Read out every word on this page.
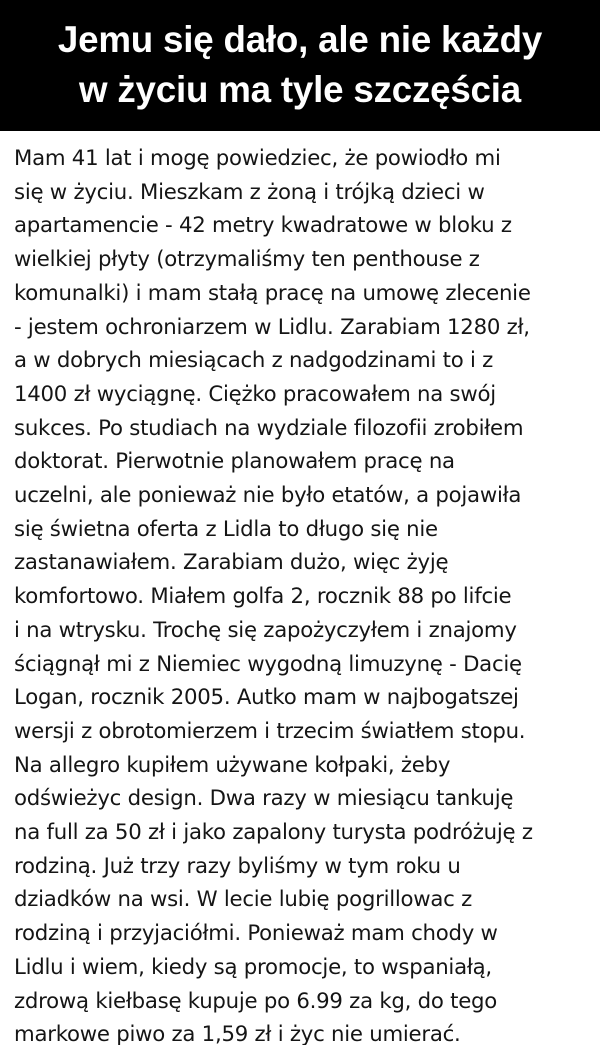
Jemu się dało, ale nie każdy
w życiu ma tyle szczęścia
Mam 41 lat i mogę powiedziec, że powiodło mi
się w życiu. Mieszkam z żoną i trójką dzieci w
apartamencie - 42 metry kwadratowe w bloku z
wielkiej płyty (otrzymaliśmy ten penthouse z
komunalki) i mam stałą pracę na umowę zlecenie
- jestem ochroniarzem w Lidlu. Zarabiam 1280 zł,
a w dobrych miesiącach z nadgodzinami to i z
1400 zł wyciągnę. Ciężko pracowałem na swój
sukces. Po studiach na wydziale filozofii zrobiłem
doktorat. Pierwotnie planowałem pracę na
uczelni, ale ponieważ nie było etatów, a pojawiła
się świetna oferta z Lidla to długo się nie
zastanawiałem. Zarabiam dużo, więc żyję
komfortowo. Miałem golfa 2, rocznik 88 po lifcie
i na wtrysku. Trochę się zapożyczyłem i znajomy
ściągnął mi z Niemiec wygodną limuzynę - Dacię
Logan, rocznik 2005. Autko mam w najbogatszej
wersji z obrotomierzem i trzecim światłem stopu.
Na allegro kupiłem używane kołpaki, żeby
odświeżyc design. Dwa razy w miesiącu tankuję
na full za 50 zł i jako zapalony turysta podróżuję z
rodziną. Już trzy razy byliśmy w tym roku u
dziadków na wsi. W lecie lubię pogrillowac z
rodziną i przyjaciółmi. Ponieważ mam chody w
Lidlu i wiem, kiedy są promocje, to wspaniałą,
zdrową kiełbasę kupuje po 6.99 za kg, do tego
markowe piwo za 1,59 zł i życ nie umierać.
